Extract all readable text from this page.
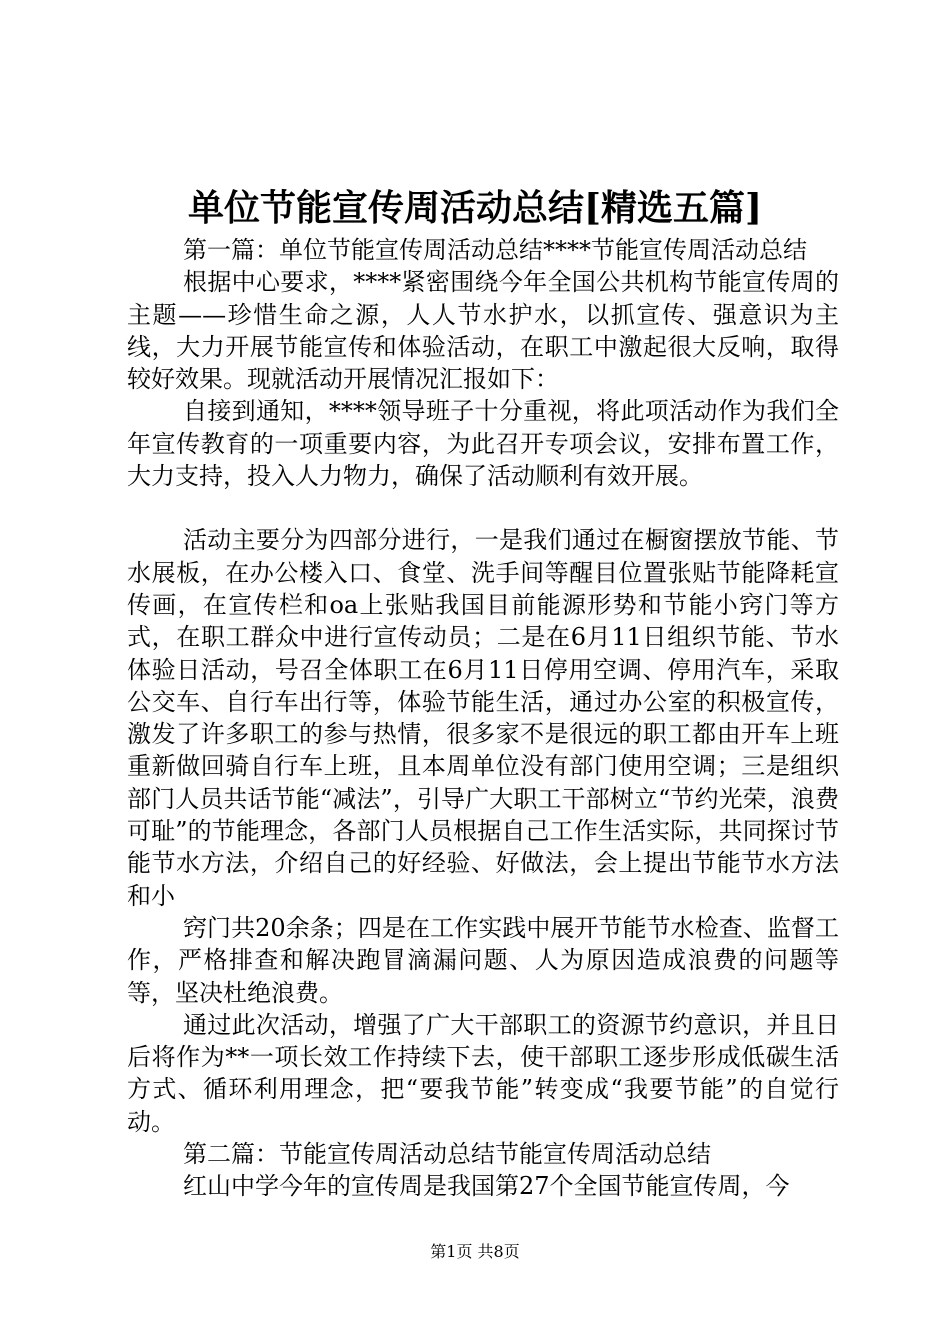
单位节能宣传周活动总结[精选五篇]

第一篇：单位节能宣传周活动总结****节能宣传周活动总结

根据中心要求，****紧密围绕今年全国公共机构节能宣传周的主题——珍惜生命之源，人人节水护水，以抓宣传、强意识为主线，大力开展节能宣传和体验活动，在职工中激起很大反响，取得较好效果。现就活动开展情况汇报如下：

自接到通知，****领导班子十分重视，将此项活动作为我们全年宣传教育的一项重要内容，为此召开专项会议，安排布置工作，大力支持，投入人力物力，确保了活动顺利有效开展。

活动主要分为四部分进行，一是我们通过在橱窗摆放节能、节水展板，在办公楼入口、食堂、洗手间等醒目位置张贴节能降耗宣传画，在宣传栏和oa上张贴我国目前能源形势和节能小窍门等方式，在职工群众中进行宣传动员；二是在6月11日组织节能、节水体验日活动，号召全体职工在6月11日停用空调、停用汽车，采取公交车、自行车出行等，体验节能生活，通过办公室的积极宣传，激发了许多职工的参与热情，很多家不是很远的职工都由开车上班重新做回骑自行车上班，且本周单位没有部门使用空调；三是组织部门人员共话节能“减法”，引导广大职工干部树立“节约光荣，浪费可耻”的节能理念，各部门人员根据自己工作生活实际，共同探讨节能节水方法，介绍自己的好经验、好做法，会上提出节能节水方法和小

窍门共20余条；四是在工作实践中展开节能节水检查、监督工作，严格排查和解决跑冒滴漏问题、人为原因造成浪费的问题等等，坚决杜绝浪费。

通过此次活动，增强了广大干部职工的资源节约意识，并且日后将作为**一项长效工作持续下去，使干部职工逐步形成低碳生活方式、循环利用理念，把“要我节能”转变成“我要节能”的自觉行动。

第二篇：节能宣传周活动总结节能宣传周活动总结

红山中学今年的宣传周是我国第27个全国节能宣传周，今

第1页 共8页
